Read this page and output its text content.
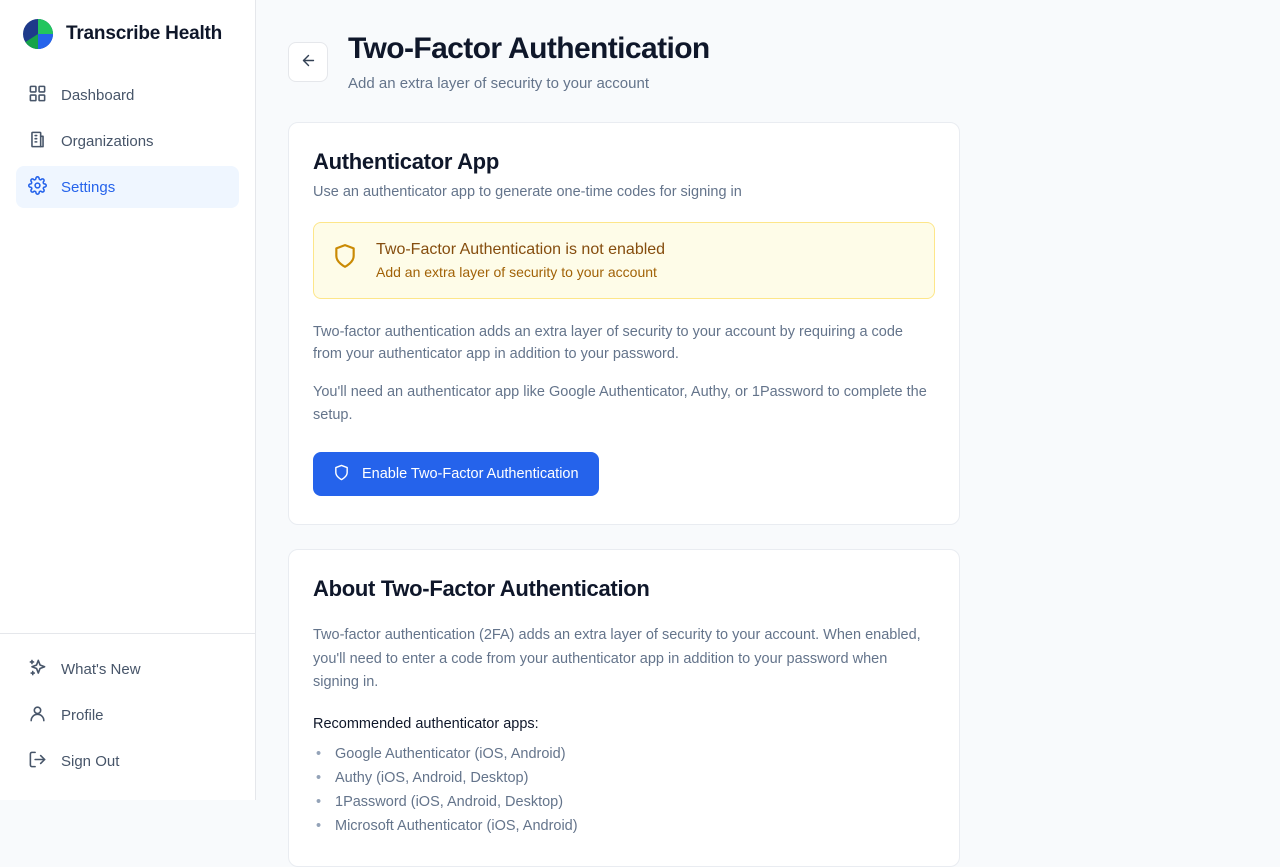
Transcribe Health
Dashboard
Organizations
Settings
What's New
Profile
Sign Out
Two-Factor Authentication
Add an extra layer of security to your account
Authenticator App
Use an authenticator app to generate one-time codes for signing in
Two-Factor Authentication is not enabled
Add an extra layer of security to your account

Two-factor authentication adds an extra layer of security to your account by requiring a code from your authenticator app in addition to your password.

You'll need an authenticator app like Google Authenticator, Authy, or 1Password to complete the setup.

Enable Two-Factor Authentication
About Two-Factor Authentication

Two-factor authentication (2FA) adds an extra layer of security to your account. When enabled, you'll need to enter a code from your authenticator app in addition to your password when signing in.

Recommended authenticator apps:
• Google Authenticator (iOS, Android)
• Authy (iOS, Android, Desktop)
• 1Password (iOS, Android, Desktop)
• Microsoft Authenticator (iOS, Android)
